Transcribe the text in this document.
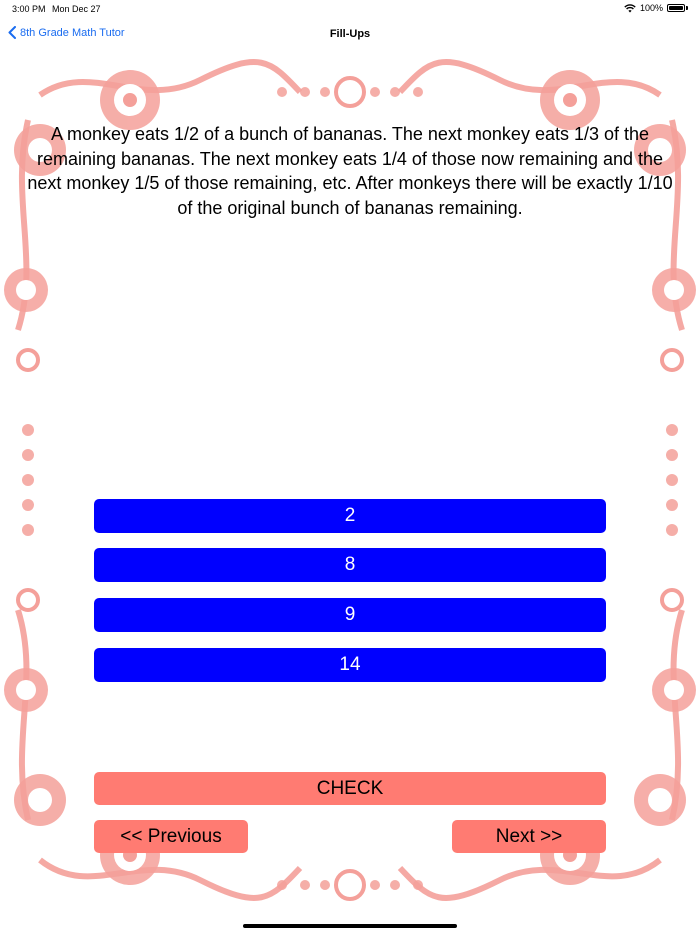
3:00 PM Mon Dec 27	100%
8th Grade Math Tutor	Fill-Ups
A monkey eats 1/2 of a bunch of bananas. The next monkey eats 1/3 of the remaining bananas. The next monkey eats 1/4 of those now remaining and the next monkey 1/5 of those remaining, etc. After monkeys there will be exactly 1/10 of the original bunch of bananas remaining.
2
8
9
14
CHECK
<< Previous	Next >>
